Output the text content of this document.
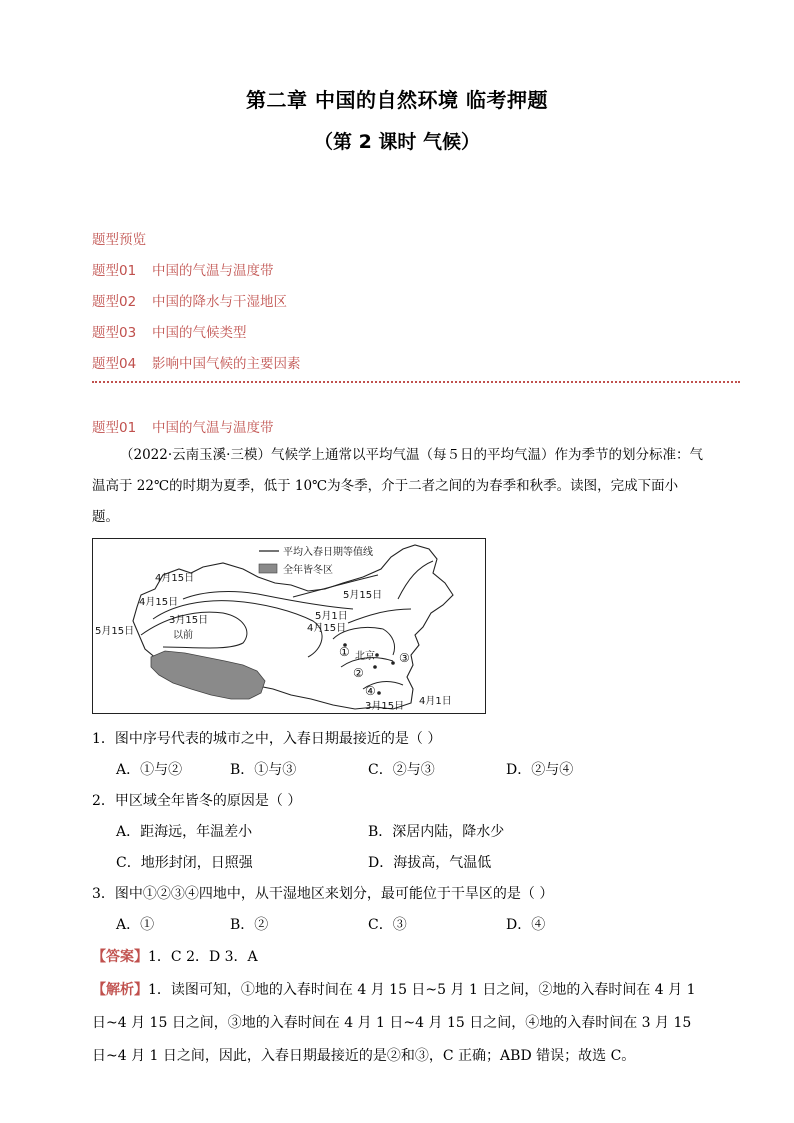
第二章 中国的自然环境 临考押题
（第 2 课时 气候）
题型预览
题型01 中国的气温与温度带
题型02 中国的降水与干湿地区
题型03 中国的气候类型
题型04 影响中国气候的主要因素
题型01 中国的气温与温度带
（2022·云南玉溪·三模）气候学上通常以平均气温（每５日的平均气温）作为季节的划分标准：气温高于 22℃的时期为夏季，低于 10℃为冬季，介于二者之间的为春季和秋季。读图，完成下面小题。
平均入春日期等值线
全年皆冬区
4月15日
4月15日
5月15日
3月15日
以前
5月15日
5月1日
4月15日
北京
4月1日
3月15日
①
②
③
④
1．图中序号代表的城市之中，入春日期最接近的是（ ）
A．①与②	B．①与③	C．②与③	D．②与④
2．甲区域全年皆冬的原因是（ ）
A．距海远，年温差小	B．深居内陆，降水少
C．地形封闭，日照强	D．海拔高，气温低
3．图中①②③④四地中，从干湿地区来划分，最可能位于干旱区的是（ ）
A．①	B．②	C．③	D．④
【答案】1．C 2．D 3．A
【解析】1．读图可知，①地的入春时间在 4 月 15 日~5 月 1 日之间，②地的入春时间在 4 月 1 日~4 月 15 日之间，③地的入春时间在 4 月 1 日~4 月 15 日之间，④地的入春时间在 3 月 15 日~4 月 1 日之间，因此，入春日期最接近的是②和③，C 正确；ABD 错误；故选 C。
